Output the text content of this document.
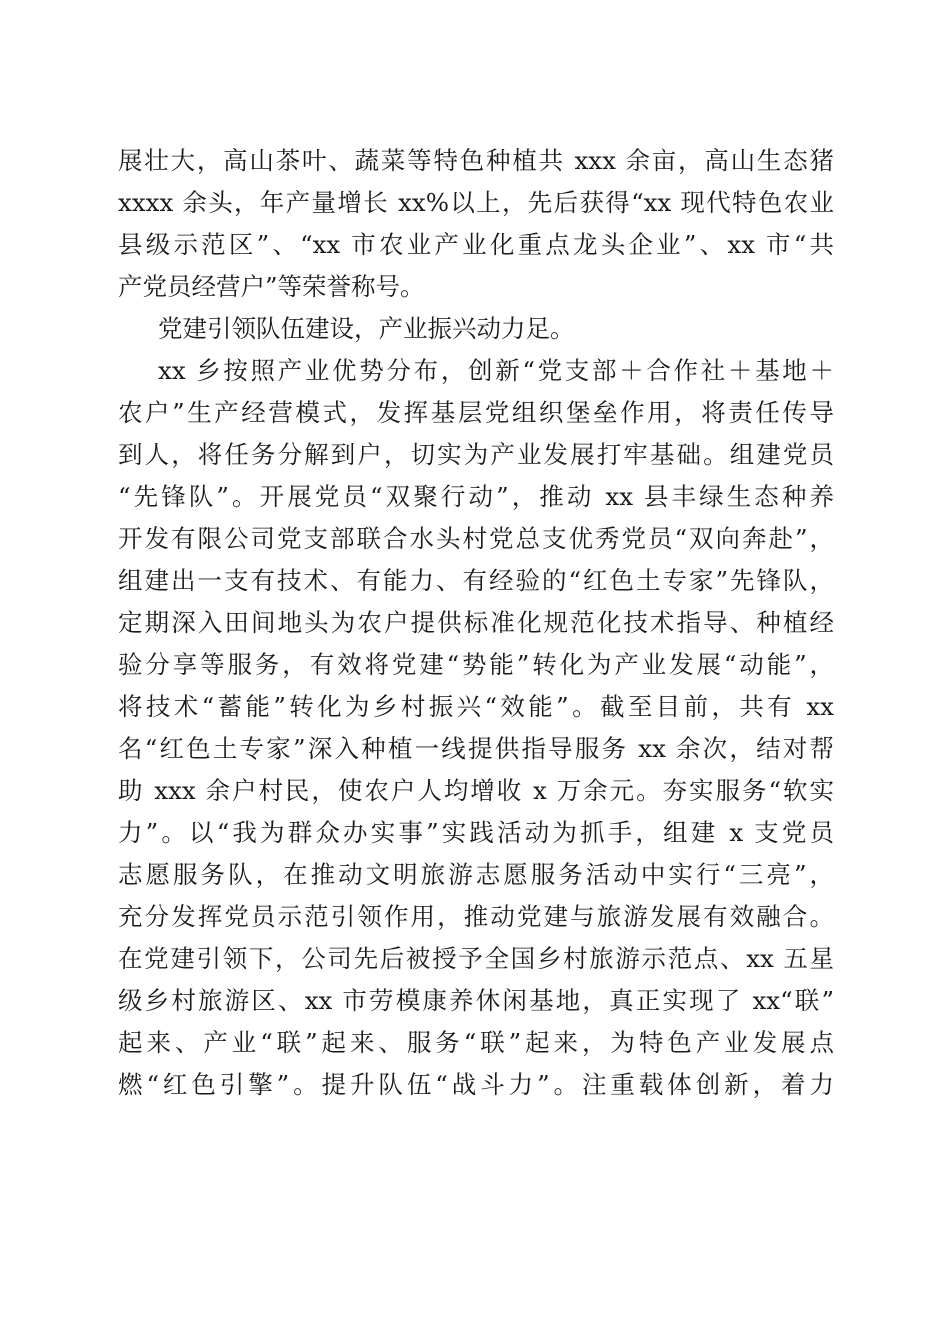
展壮大，高山茶叶、蔬菜等特色种植共 xxx 余亩，高山生态猪
xxxx 余头，年产量增长 xx%以上，先后获得“xx 现代特色农业
县级示范区”、“xx 市农业产业化重点龙头企业”、xx 市“共
产党员经营户”等荣誉称号。
党建引领队伍建设，产业振兴动力足。
xx 乡按照产业优势分布，创新“党支部＋合作社＋基地＋
农户”生产经营模式，发挥基层党组织堡垒作用，将责任传导
到人，将任务分解到户，切实为产业发展打牢基础。组建党员
“先锋队”。开展党员“双聚行动”，推动 xx 县丰绿生态种养
开发有限公司党支部联合水头村党总支优秀党员“双向奔赴”，
组建出一支有技术、有能力、有经验的“红色土专家”先锋队，
定期深入田间地头为农户提供标准化规范化技术指导、种植经
验分享等服务，有效将党建“势能”转化为产业发展“动能”，
将技术“蓄能”转化为乡村振兴“效能”。截至目前，共有 xx
名“红色土专家”深入种植一线提供指导服务 xx 余次，结对帮
助 xxx 余户村民，使农户人均增收 x 万余元。夯实服务“软实
力”。以“我为群众办实事”实践活动为抓手，组建 x 支党员
志愿服务队，在推动文明旅游志愿服务活动中实行“三亮”，
充分发挥党员示范引领作用，推动党建与旅游发展有效融合。
在党建引领下，公司先后被授予全国乡村旅游示范点、xx 五星
级乡村旅游区、xx 市劳模康养休闲基地，真正实现了 xx“联”
起来、产业“联”起来、服务“联”起来，为特色产业发展点
燃“红色引擎”。提升队伍“战斗力”。注重载体创新，着力
